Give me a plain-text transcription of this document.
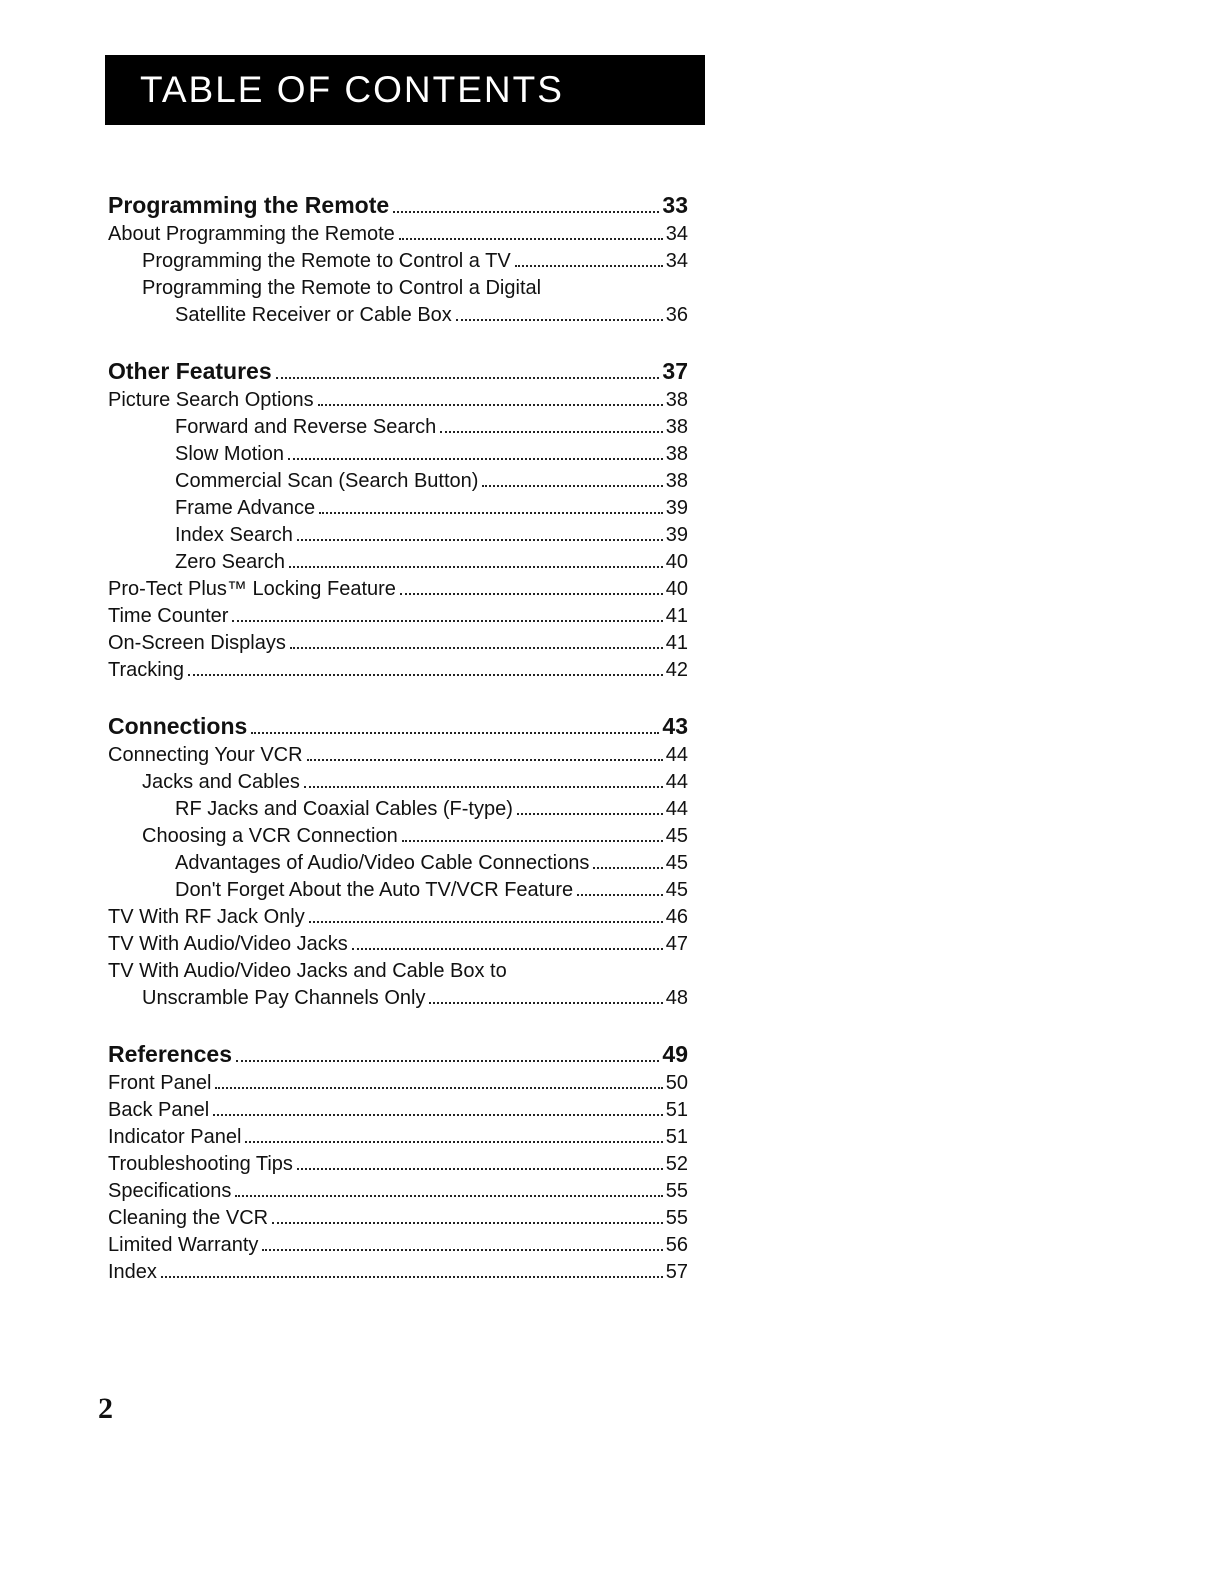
TABLE OF CONTENTS
Programming the Remote	33
About Programming the Remote	34
Programming the Remote to Control a TV	34
Programming the Remote to Control a Digital
Satellite Receiver or Cable Box	36
Other Features	37
Picture Search Options	38
Forward and Reverse Search	38
Slow Motion	38
Commercial Scan (Search Button)	38
Frame Advance	39
Index Search	39
Zero Search	40
Pro-Tect Plus™ Locking Feature	40
Time Counter	41
On-Screen Displays	41
Tracking	42
Connections	43
Connecting Your VCR	44
Jacks and Cables	44
RF Jacks and Coaxial Cables (F-type)	44
Choosing a VCR Connection	45
Advantages of Audio/Video Cable Connections	45
Don't Forget About the Auto TV/VCR Feature	45
TV With RF Jack Only	46
TV With Audio/Video Jacks	47
TV With Audio/Video Jacks and Cable Box to
Unscramble Pay Channels Only	48
References	49
Front Panel	50
Back Panel	51
Indicator Panel	51
Troubleshooting Tips	52
Specifications	55
Cleaning the VCR	55
Limited Warranty	56
Index	57
2
